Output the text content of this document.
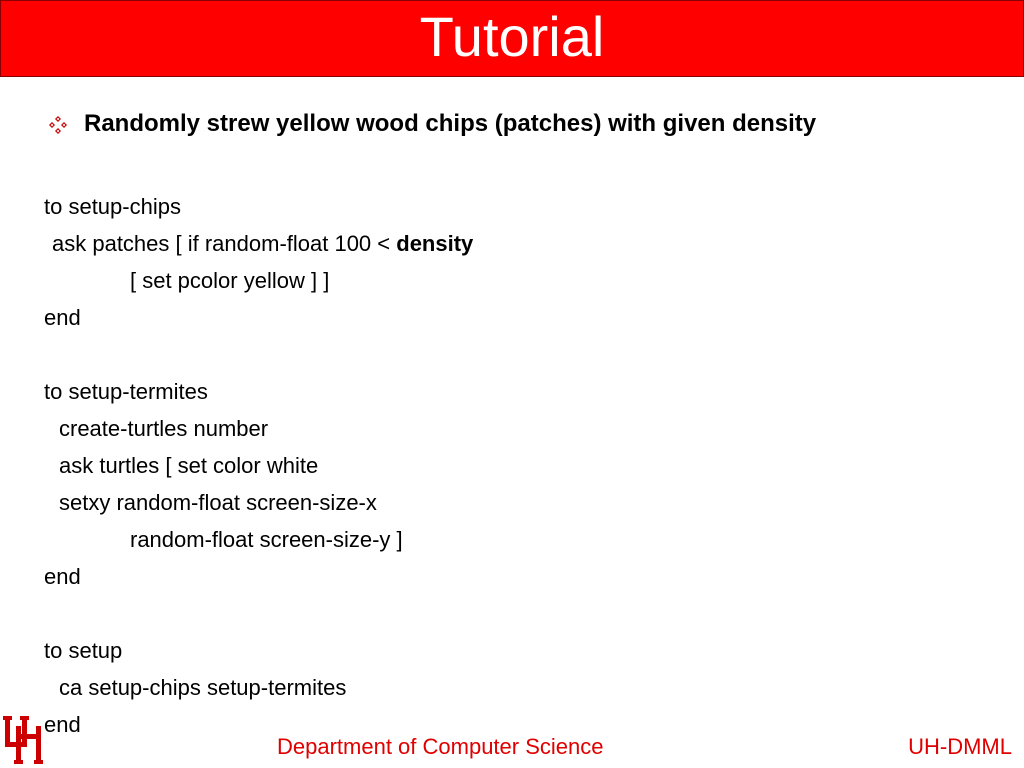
Tutorial
Randomly strew yellow wood chips (patches) with given density
to setup-chips
ask patches [ if random-float 100 < density
[ set pcolor yellow ] ]
end
to setup-termites
create-turtles number
ask turtles [ set color white
setxy random-float screen-size-x
random-float screen-size-y ]
end
to setup
ca setup-chips setup-termites
end
Department of Computer Science	UH-DMML
